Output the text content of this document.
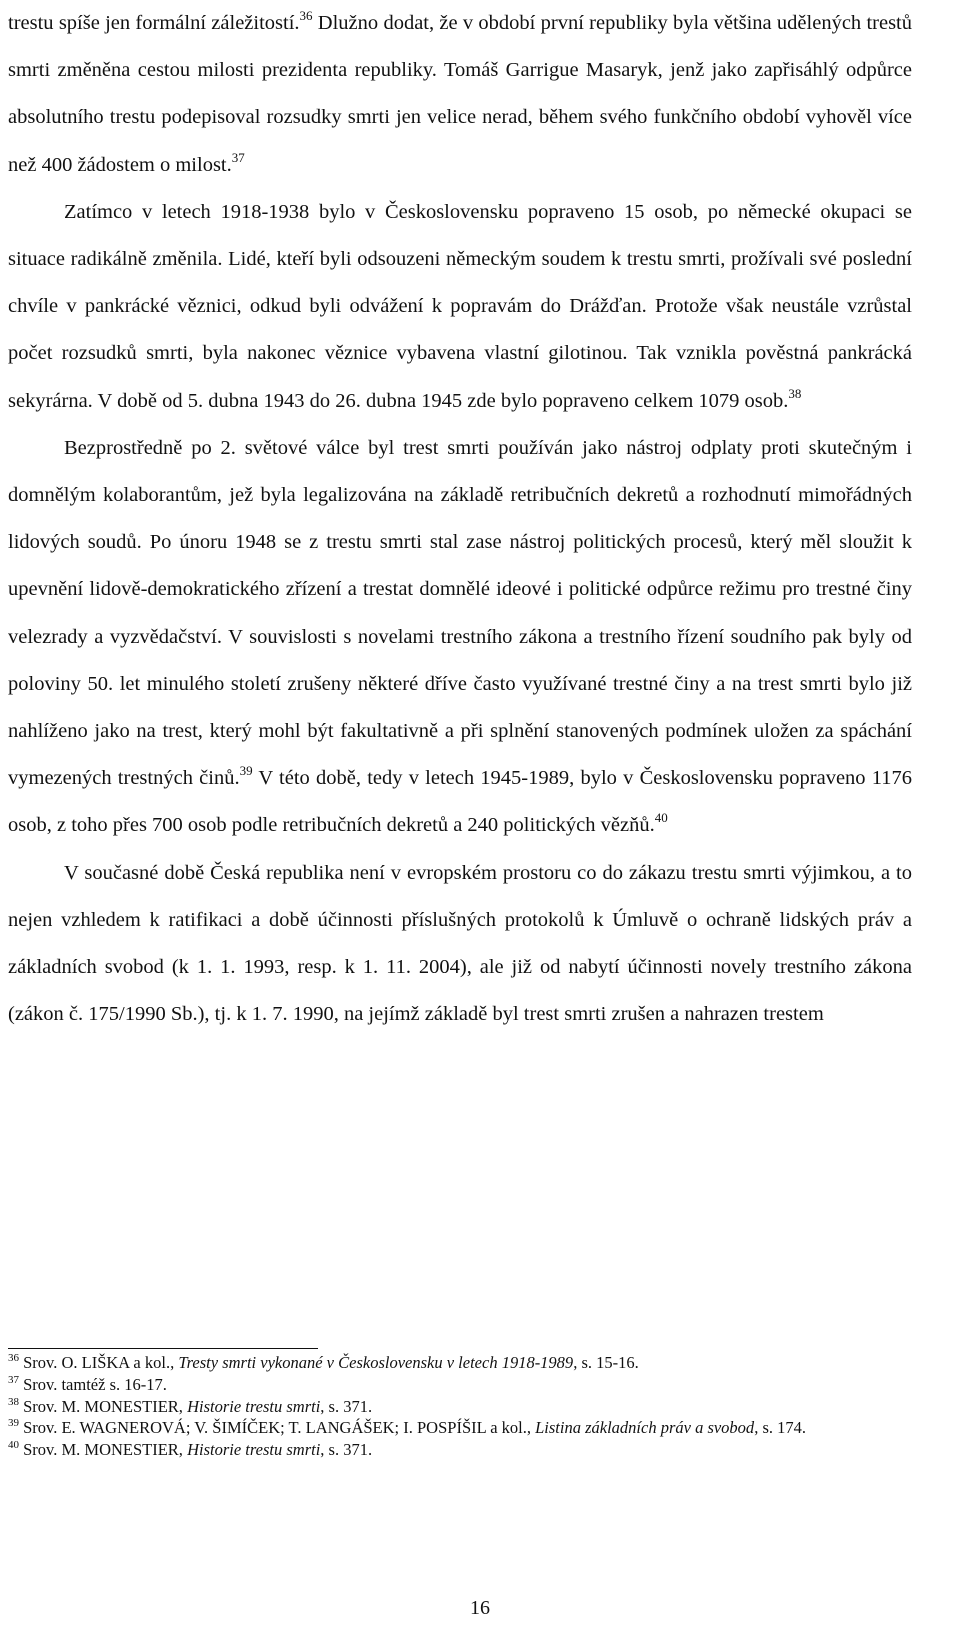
trestu spíše jen formální záležitostí.$^{36}$ Dlužno dodat, že v období první republiky byla většina udělených trestů smrti změněna cestou milosti prezidenta republiky. Tomáš Garrigue Masaryk, jenž jako zapřisáhlý odpůrce absolutního trestu podepisoval rozsudky smrti jen velice nerad, během svého funkčního období vyhověl více než 400 žádostem o milost.$^{37}$

Zatímco v letech 1918-1938 bylo v Československu popraveno 15 osob, po německé okupaci se situace radikálně změnila. Lidé, kteří byli odsouzeni německým soudem k trestu smrti, prožívali své poslední chvíle v pankrácké věznici, odkud byli odvážení k popravám do Drážďan. Protože však neustále vzrůstal počet rozsudků smrti, byla nakonec věznice vybavena vlastní gilotinou. Tak vznikla pověstná pankrácká sekyrárna. V době od 5. dubna 1943 do 26. dubna 1945 zde bylo popraveno celkem 1079 osob.$^{38}$

Bezprostředně po 2. světové válce byl trest smrti používán jako nástroj odplaty proti skutečným i domnělým kolaborantům, jež byla legalizována na základě retribučních dekretů a rozhodnutí mimořádných lidových soudů. Po únoru 1948 se z trestu smrti stal zase nástroj politických procesů, který měl sloužit k upevnění lidově-demokratického zřízení a trestat domnělé ideové i politické odpůrce režimu pro trestné činy velezrady a vyzvědačství. V souvislosti s novelami trestního zákona a trestního řízení soudního pak byly od poloviny 50. let minulého století zrušeny některé dříve často využívané trestné činy a na trest smrti bylo již nahlíženo jako na trest, který mohl být fakultativně a při splnění stanovených podmínek uložen za spáchání vymezených trestných činů.$^{39}$ V této době, tedy v letech 1945-1989, bylo v Československu popraveno 1176 osob, z toho přes 700 osob podle retribučních dekretů a 240 politických vězňů.$^{40}$

V současné době Česká republika není v evropském prostoru co do zákazu trestu smrti výjimkou, a to nejen vzhledem k ratifikaci a době účinnosti příslušných protokolů k Úmluvě o ochraně lidských práv a základních svobod (k 1. 1. 1993, resp. k 1. 11. 2004), ale již od nabytí účinnosti novely trestního zákona (zákon č. 175/1990 Sb.), tj. k 1. 7. 1990, na jejímž základě byl trest smrti zrušen a nahrazen trestem

$^{36}$ Srov. O. LIŠKA a kol., Tresty smrti vykonané v Československu v letech 1918-1989, s. 15-16.

$^{37}$ Srov. tamtéž s. 16-17.

$^{38}$ Srov. M. MONESTIER, Historie trestu smrti, s. 371.

$^{39}$ Srov. E. WAGNEROVÁ; V. ŠIMÍČEK; T. LANGÁŠEK; I. POSPÍŠIL a kol., Listina základních práv a svobod, s. 174.

$^{40}$ Srov. M. MONESTIER, Historie trestu smrti, s. 371.

16
